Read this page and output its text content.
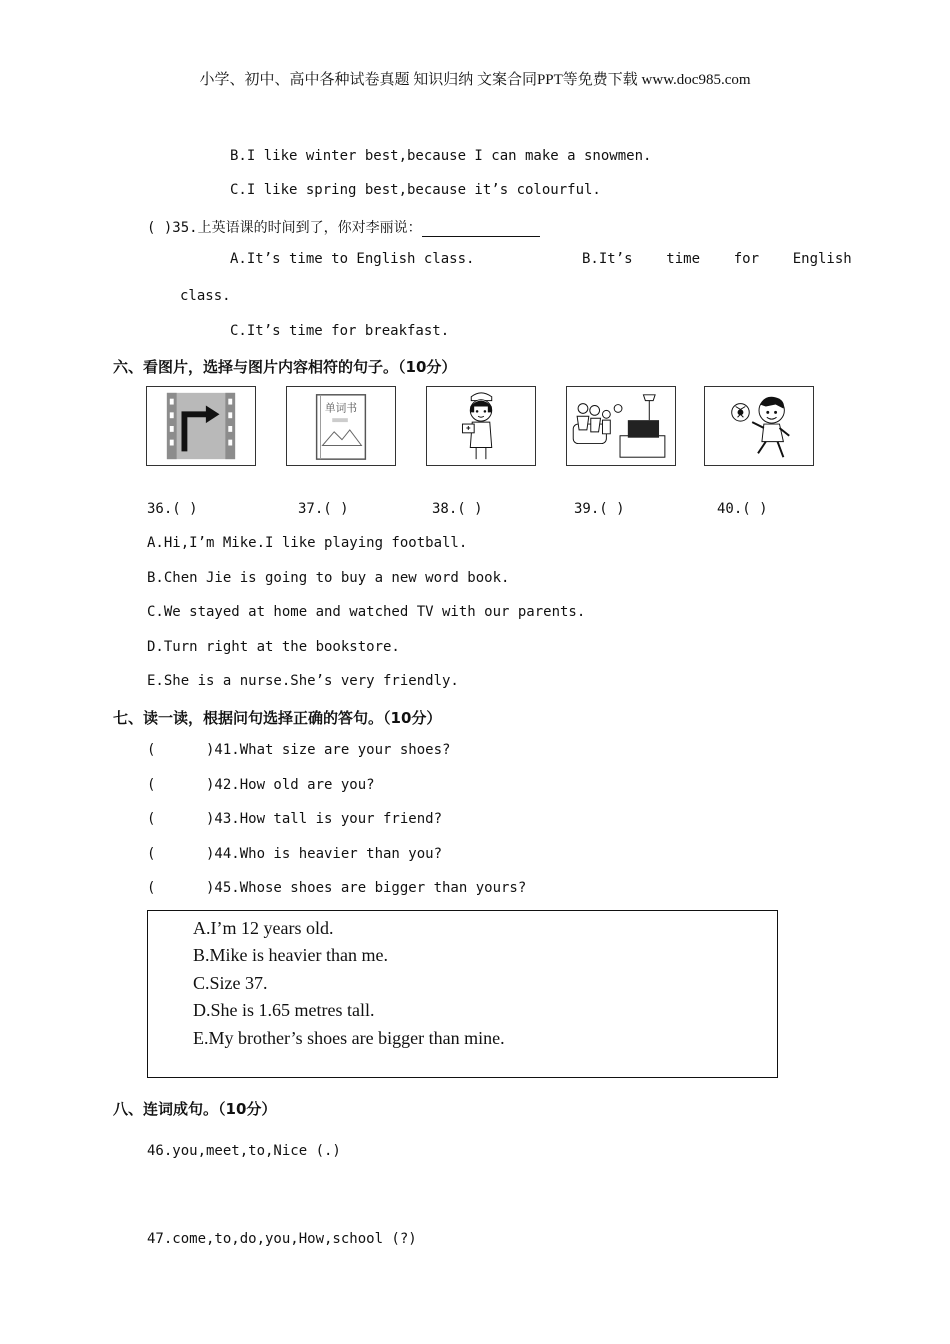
小学、初中、高中各种试卷真题 知识归纳 文案合同PPT等免费下载 www.doc985.com
B.I like winter best,because I can make a snowmen.
C.I like spring best,because it’s colourful.
( )35.上英语课的时间到了，你对李丽说：
A.It’s time to English class.	B.It’s    time    for    English
class.
C.It’s time for breakfast.
六、看图片，选择与图片内容相符的句子。（10分）
单词书
36.( )	37.( )	38.( )	39.( )	40.( )
A.Hi,I’m Mike.I like playing football.
B.Chen Jie is going to buy a new word book.
C.We stayed at home and watched TV with our parents.
D.Turn right at the bookstore.
E.She is a nurse.She’s very friendly.
七、读一读，根据问句选择正确的答句。（10分）
(      )41.What size are your shoes?
(      )42.How old are you?
(      )43.How tall is your friend?
(      )44.Who is heavier than you?
(      )45.Whose shoes are bigger than yours?
A.I’m 12 years old.
B.Mike is heavier than me.
C.Size 37.
D.She is 1.65 metres tall.
E.My brother’s shoes are bigger than mine.
八、连词成句。（10分）
46.you,meet,to,Nice (.)
47.come,to,do,you,How,school (?)
